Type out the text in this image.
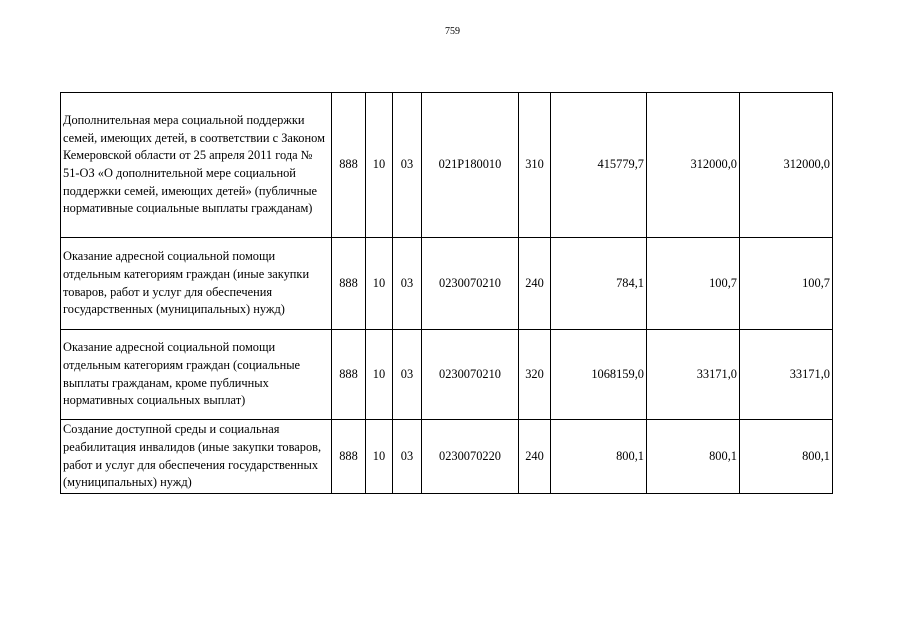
759
Дополнительная мера социальной поддержки семей, имеющих детей, в соответствии с Законом Кемеровской области от 25 апреля 2011 года № 51-ОЗ «О дополнительной мере социальной поддержки семей, имеющих детей» (публичные нормативные социальные выплаты гражданам)	888	10	03	021P180010	310	415779,7	312000,0	312000,0
Оказание адресной социальной помощи отдельным категориям граждан (иные закупки товаров, работ и услуг для обеспечения государственных (муниципальных) нужд)	888	10	03	0230070210	240	784,1	100,7	100,7
Оказание адресной социальной помощи отдельным категориям граждан (социальные выплаты гражданам, кроме публичных нормативных социальных выплат)	888	10	03	0230070210	320	1068159,0	33171,0	33171,0
Создание доступной среды и социальная реабилитация инвалидов (иные закупки товаров, работ и услуг для обеспечения государственных (муниципальных) нужд)	888	10	03	0230070220	240	800,1	800,1	800,1
